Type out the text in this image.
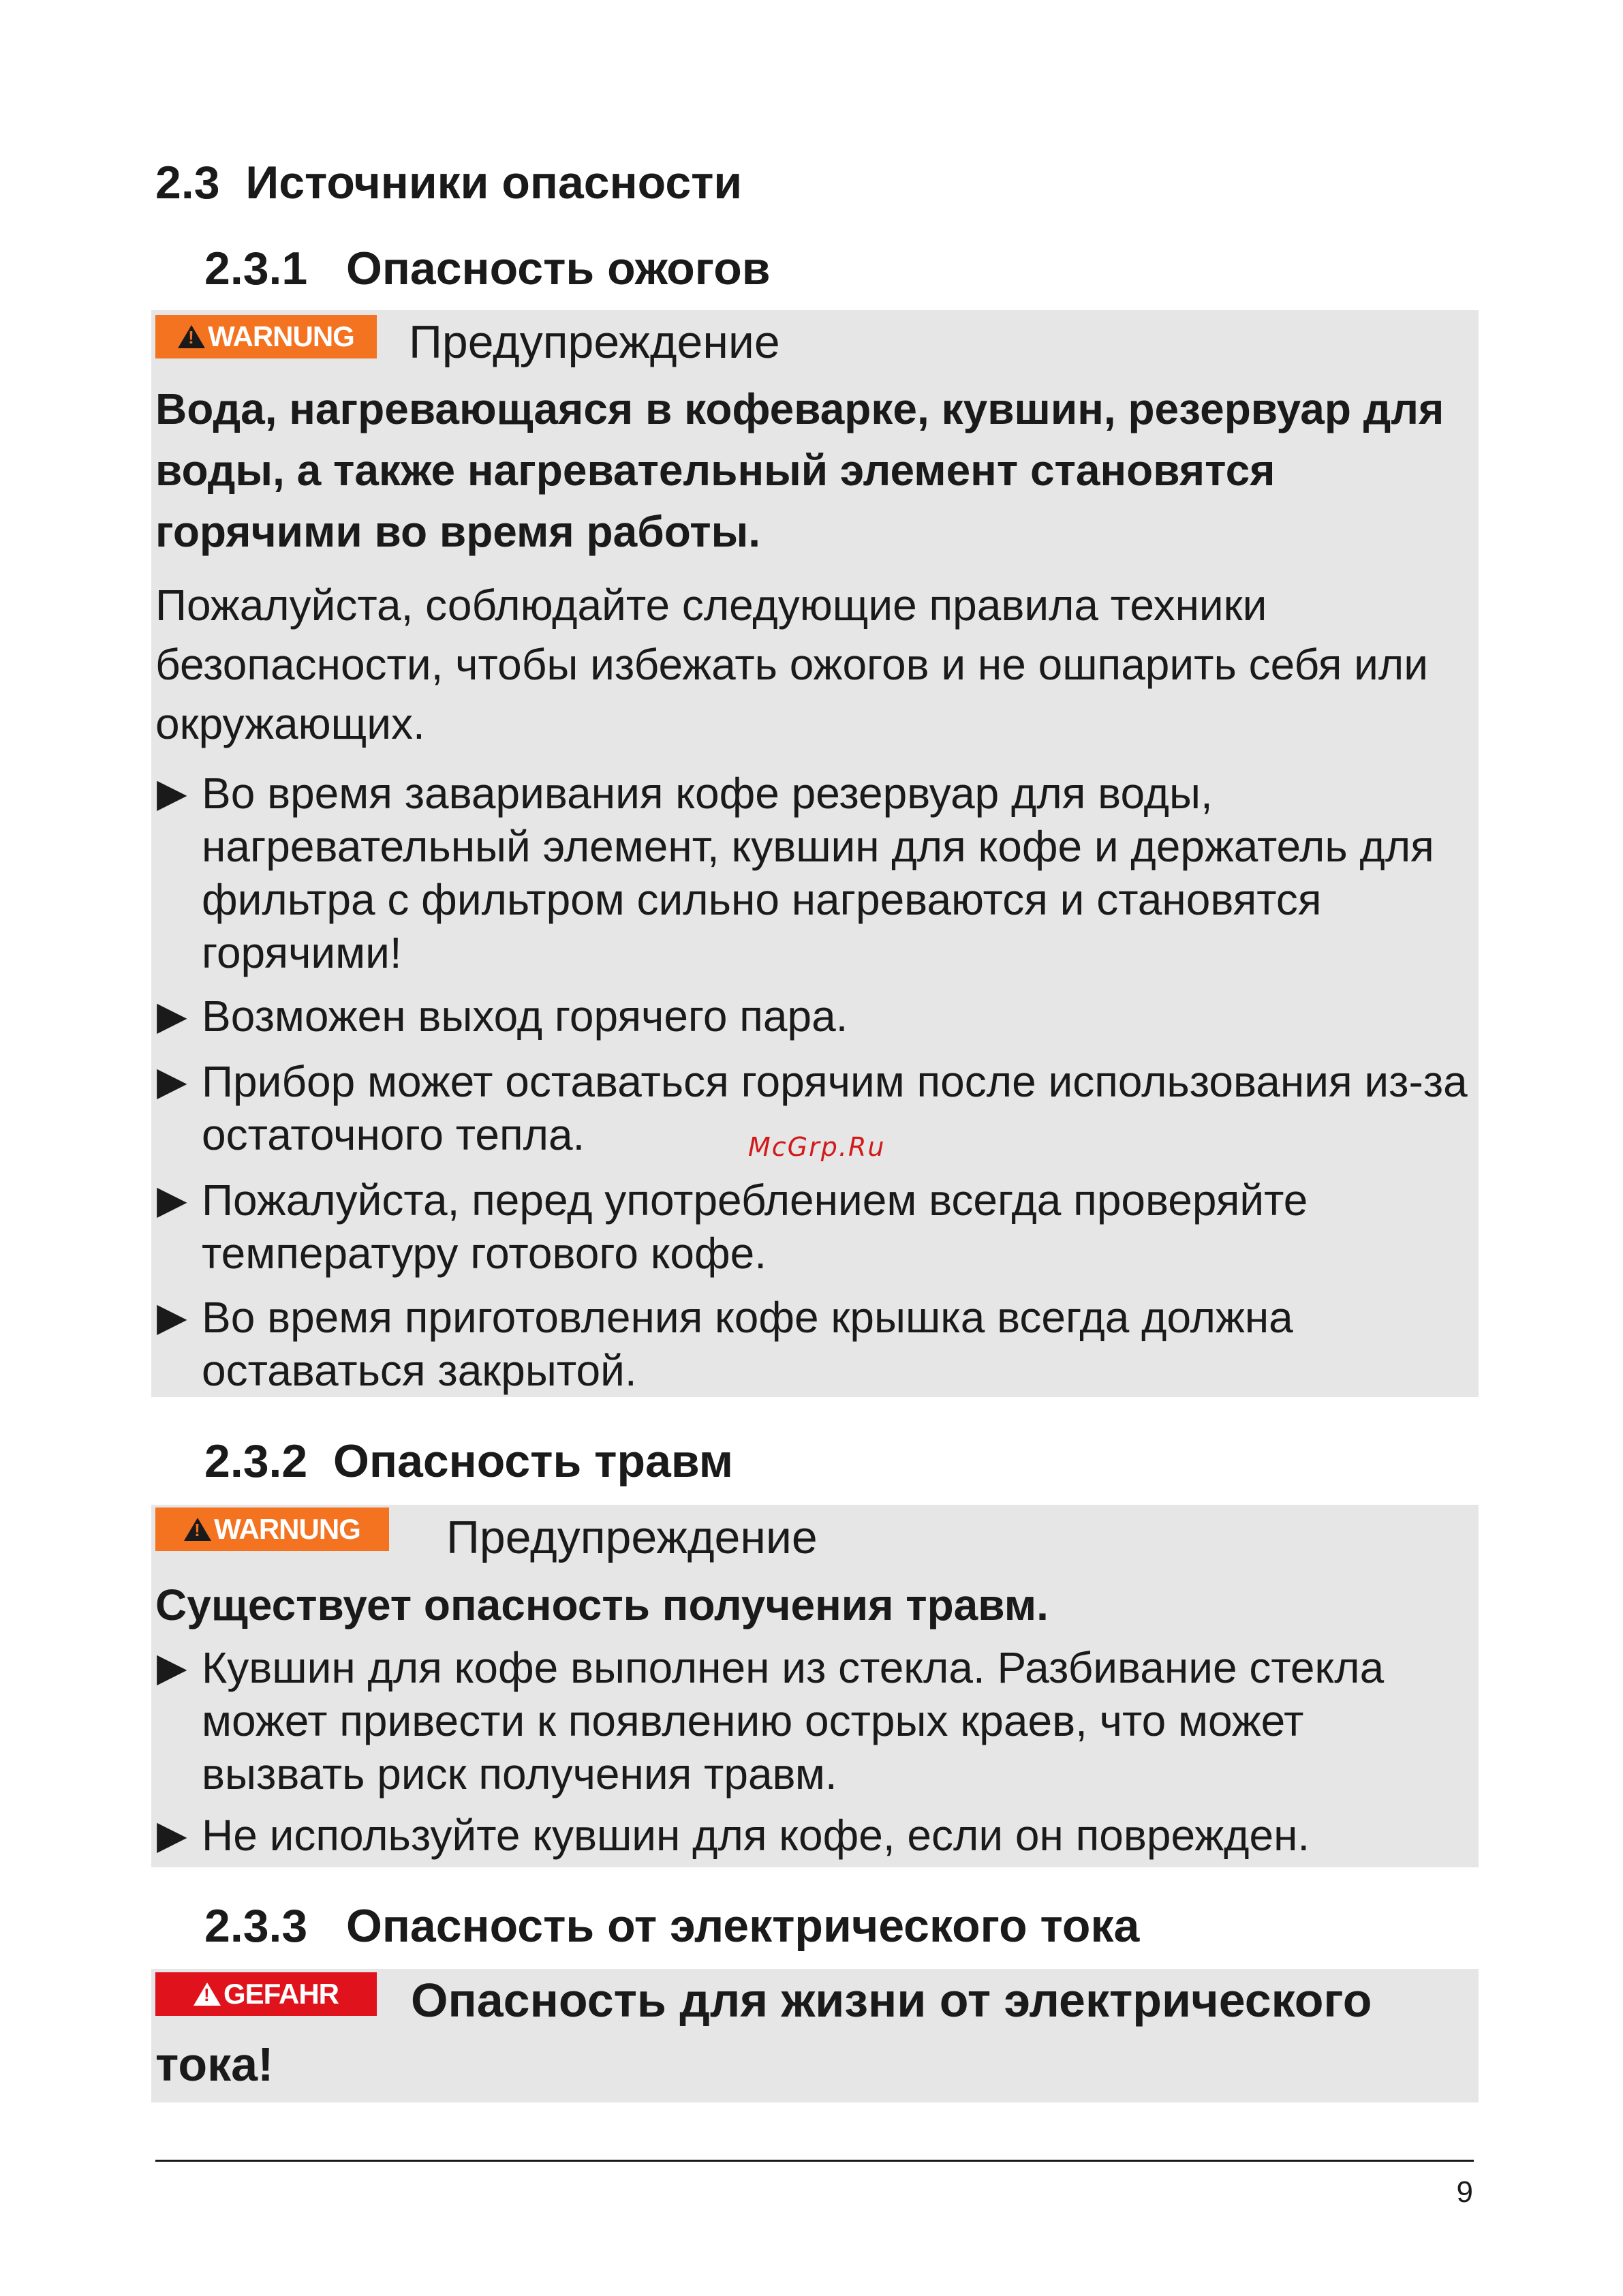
2.3 Источники опасности
2.3.1 Опасность ожогов
!
WARNUNG Предупреждение
Вода, нагревающаяся в кофеварке, кувшин, резервуар для воды, а также нагревательный элемент становятся горячими во время работы.
Пожалуйста, соблюдайте следующие правила техники безопасности, чтобы избежать ожогов и не ошпарить себя или окружающих.
▶ Во время заваривания кофе резервуар для воды, нагревательный элемент, кувшин для кофе и держатель для фильтра с фильтром сильно нагреваются и становятся горячими!
▶ Возможен выход горячего пара.
▶ Прибор может оставаться горячим после использования из-за остаточного тепла.	McGrp.Ru
▶ Пожалуйста, перед употреблением всегда проверяйте температуру готового кофе.
▶ Во время приготовления кофе крышка всегда должна оставаться закрытой.
2.3.2 Опасность травм
!
WARNUNG Предупреждение
Существует опасность получения травм.
▶ Кувшин для кофе выполнен из стекла. Разбивание стекла может привести к появлению острых краев, что может вызвать риск получения травм.
▶ Не используйте кувшин для кофе, если он поврежден.
2.3.3 Опасность от электрического тока
!
GEFAHR	Опасность для жизни от электрического тока!
9
